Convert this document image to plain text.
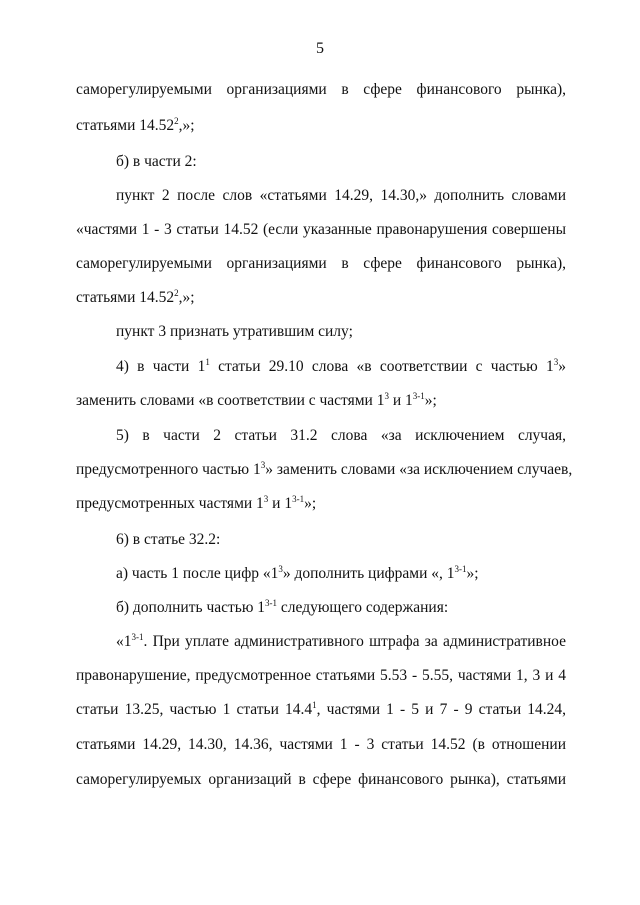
5
саморегулируемыми организациями в сфере финансового рынка),
статьями 14.52$^2$,»;
б) в части 2:
пункт 2 после слов «статьями 14.29, 14.30,» дополнить словами
«частями 1 - 3 статьи 14.52 (если указанные правонарушения совершены
саморегулируемыми организациями в сфере финансового рынка),
статьями 14.52$^2$,»;
пункт 3 признать утратившим силу;
4) в части $1^1$ статьи 29.10 слова «в соответствии с частью $1^3$»
заменить словами «в соответствии с частями $1^3$ и 1$^{3-1}$»;
5) в части 2 статьи 31.2 слова «за исключением случая,
предусмотренного частью $1^3$» заменить словами «за исключением случаев,
предусмотренных частями $1^3$ и 1$^{3-1}$»;
6) в статье 32.2:
а) часть 1 после цифр «$1^3$» дополнить цифрами «, 1$^{3-1}$»;
б) дополнить частью 1$^{3-1}$ следующего содержания:
«1$^{3-1}$. При уплате административного штрафа за административное
правонарушение, предусмотренное статьями 5.53 - 5.55, частями 1, 3 и 4
статьи 13.25, частью 1 статьи 14.4$^1$, частями 1 - 5 и 7 - 9 статьи 14.24,
статьями 14.29, 14.30, 14.36, частями 1 - 3 статьи 14.52 (в отношении
саморегулируемых организаций в сфере финансового рынка), статьями
